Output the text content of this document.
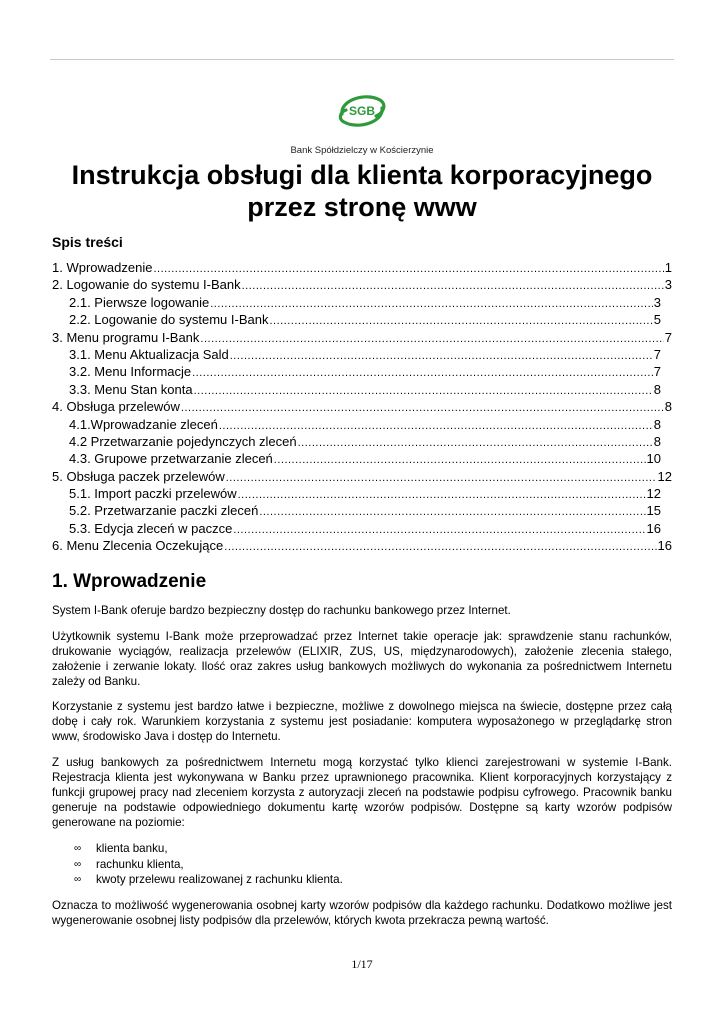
SGB
Bank Spółdzielczy w Kościerzynie
Instrukcja obsługi dla klienta korporacyjnego
przez stronę www
Spis treści
1. Wprowadzenie .....	1
2. Logowanie do systemu I-Bank .....	3
2.1. Pierwsze logowanie .....	3
2.2. Logowanie do systemu I-Bank .....	5
3. Menu programu I-Bank .....	7
3.1. Menu Aktualizacja Sald .....	7
3.2. Menu Informacje .....	7
3.3. Menu Stan konta .....	8
4. Obsługa przelewów .....	8
4.1.Wprowadzanie zleceń .....	8
4.2 Przetwarzanie pojedynczych zleceń .....	8
4.3. Grupowe przetwarzanie zleceń .....	10
5. Obsługa paczek przelewów .....	12
5.1. Import paczki przelewów .....	12
5.2. Przetwarzanie paczki zleceń .....	15
5.3. Edycja zleceń w paczce .....	16
6. Menu Zlecenia Oczekujące .....	16
1. Wprowadzenie

System I-Bank oferuje bardzo bezpieczny dostęp do rachunku bankowego przez Internet.

Użytkownik systemu I-Bank może przeprowadzać przez Internet takie operacje jak: sprawdzenie stanu rachunków, drukowanie wyciągów, realizacja przelewów (ELIXIR, ZUS, US, międzynarodowych), założenie zlecenia stałego, założenie i zerwanie lokaty. Ilość oraz zakres usług bankowych możliwych do wykonania za pośrednictwem Internetu zależy od Banku.

Korzystanie z systemu jest bardzo łatwe i bezpieczne, możliwe z dowolnego miejsca na świecie, dostępne przez całą dobę i cały rok. Warunkiem korzystania z systemu jest posiadanie: komputera wyposażonego w przeglądarkę stron www, środowisko Java i dostęp do Internetu.

Z usług bankowych za pośrednictwem Internetu mogą korzystać tylko klienci zarejestrowani w systemie I-Bank. Rejestracja klienta jest wykonywana w Banku przez uprawnionego pracownika. Klient korporacyjnych korzystający z funkcji grupowej pracy nad zleceniem korzysta z autoryzacji zleceń na podstawie podpisu cyfrowego. Pracownik banku generuje na podstawie odpowiedniego dokumentu kartę wzorów podpisów. Dostępne są karty wzorów podpisów generowane na poziomie:

∞	klienta banku,
∞	rachunku klienta,
∞	kwoty przelewu realizowanej z rachunku klienta.

Oznacza to możliwość wygenerowania osobnej karty wzorów podpisów dla każdego rachunku. Dodatkowo możliwe jest wygenerowanie osobnej listy podpisów dla przelewów, których kwota przekracza pewną wartość.

1/17
